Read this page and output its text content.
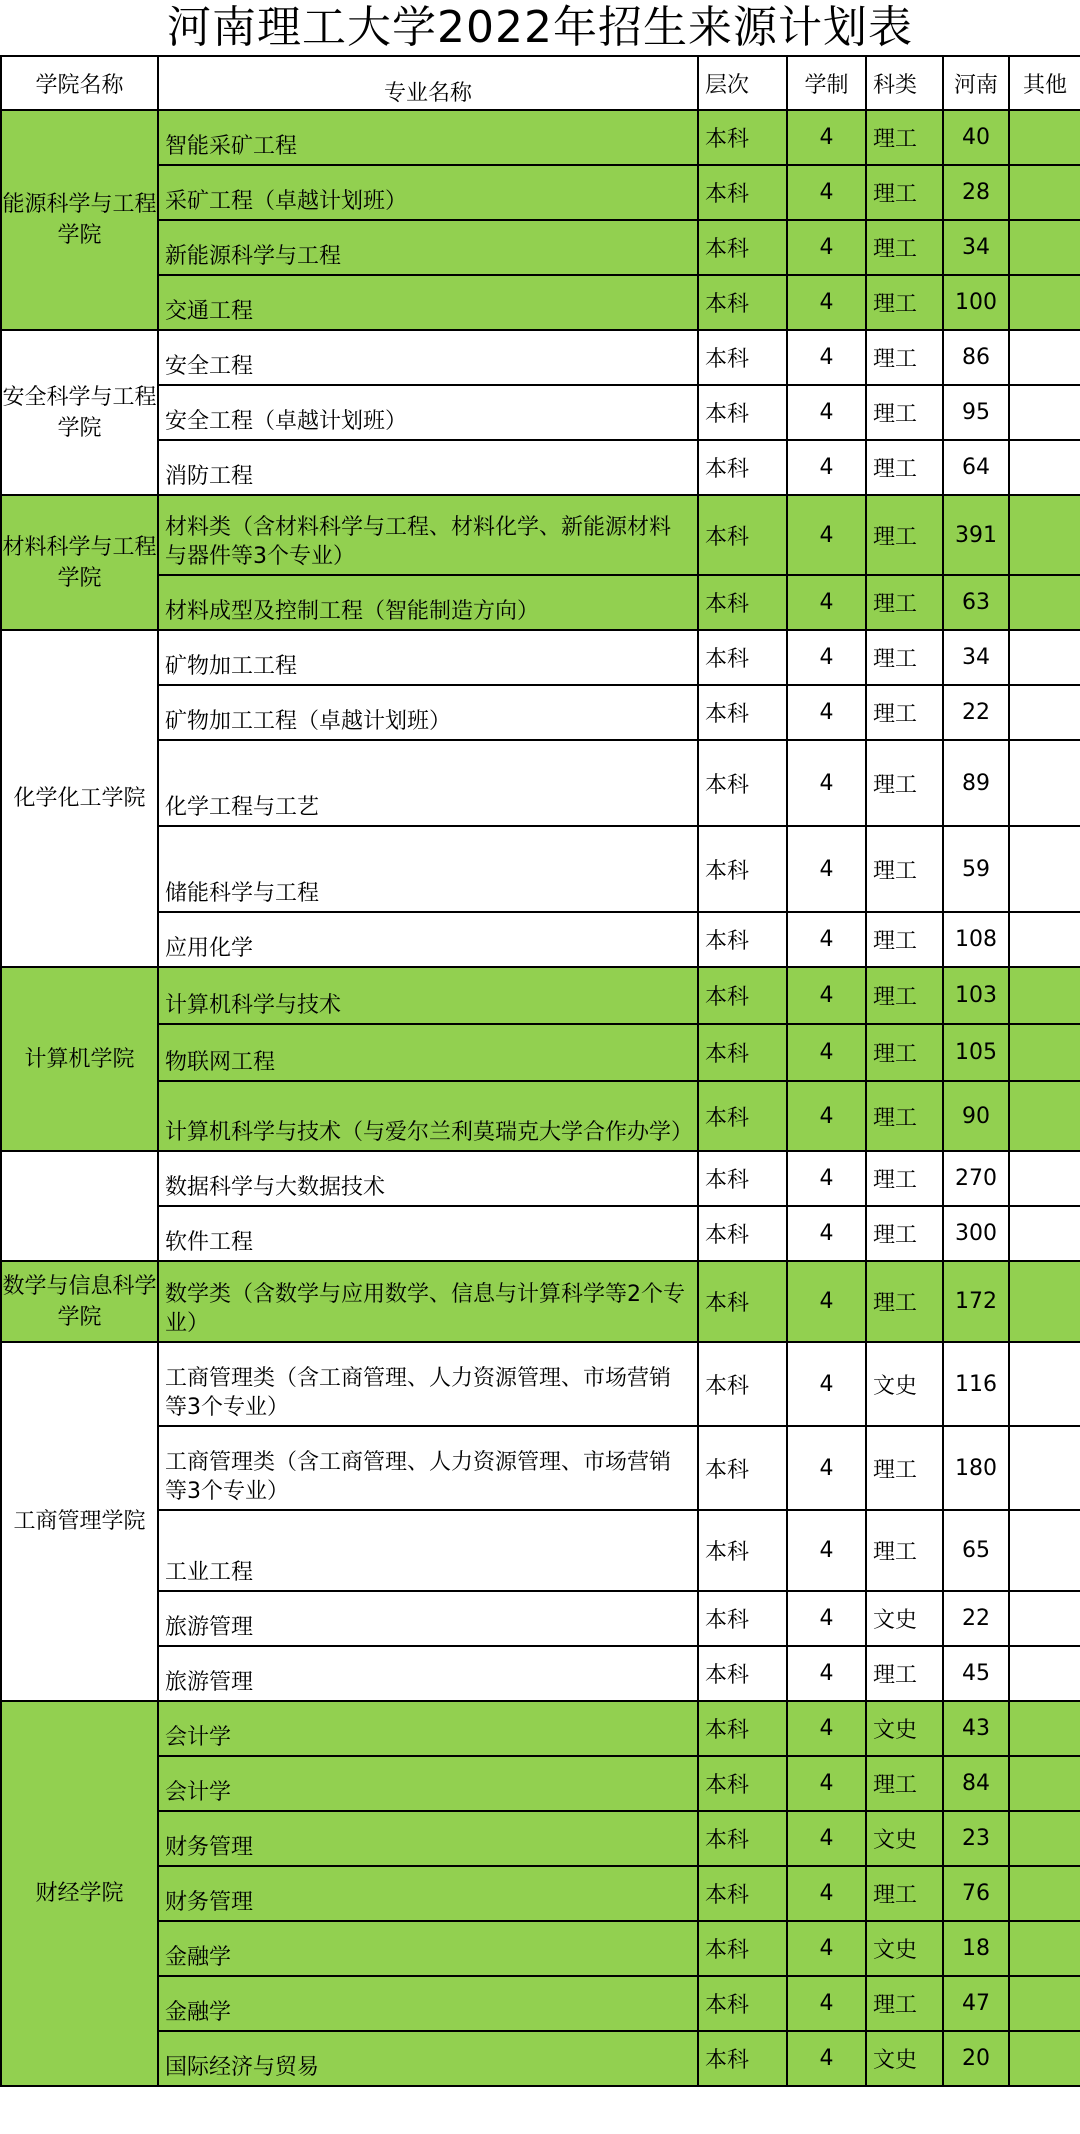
河南理工大学2022年招生来源计划表
学院名称	专业名称	层次	学制	科类	河南	其他
能源科学与工程学院	智能采矿工程	本科	4	理工	40	
	采矿工程（卓越计划班）	本科	4	理工	28	
	新能源科学与工程	本科	4	理工	34	
	交通工程	本科	4	理工	100	
安全科学与工程学院	安全工程	本科	4	理工	86	
	安全工程（卓越计划班）	本科	4	理工	95	
	消防工程	本科	4	理工	64	
材料科学与工程学院	材料类（含材料科学与工程、材料化学、新能源材料与器件等3个专业）	本科	4	理工	391	
	材料成型及控制工程（智能制造方向）	本科	4	理工	63	
化学化工学院	矿物加工工程	本科	4	理工	34	
	矿物加工工程（卓越计划班）	本科	4	理工	22	
	化学工程与工艺	本科	4	理工	89	
	储能科学与工程	本科	4	理工	59	
	应用化学	本科	4	理工	108	
计算机学院	计算机科学与技术	本科	4	理工	103	
	物联网工程	本科	4	理工	105	
	计算机科学与技术（与爱尔兰利莫瑞克大学合作办学）	本科	4	理工	90	
	数据科学与大数据技术	本科	4	理工	270	
	软件工程	本科	4	理工	300	
数学与信息科学学院	数学类（含数学与应用数学、信息与计算科学等2个专业）	本科	4	理工	172	
工商管理学院	工商管理类（含工商管理、人力资源管理、市场营销等3个专业）	本科	4	文史	116	
	工商管理类（含工商管理、人力资源管理、市场营销等3个专业）	本科	4	理工	180	
	工业工程	本科	4	理工	65	
	旅游管理	本科	4	文史	22	
	旅游管理	本科	4	理工	45	
财经学院	会计学	本科	4	文史	43	
	会计学	本科	4	理工	84	
	财务管理	本科	4	文史	23	
	财务管理	本科	4	理工	76	
	金融学	本科	4	文史	18	
	金融学	本科	4	理工	47	
	国际经济与贸易	本科	4	文史	20	
